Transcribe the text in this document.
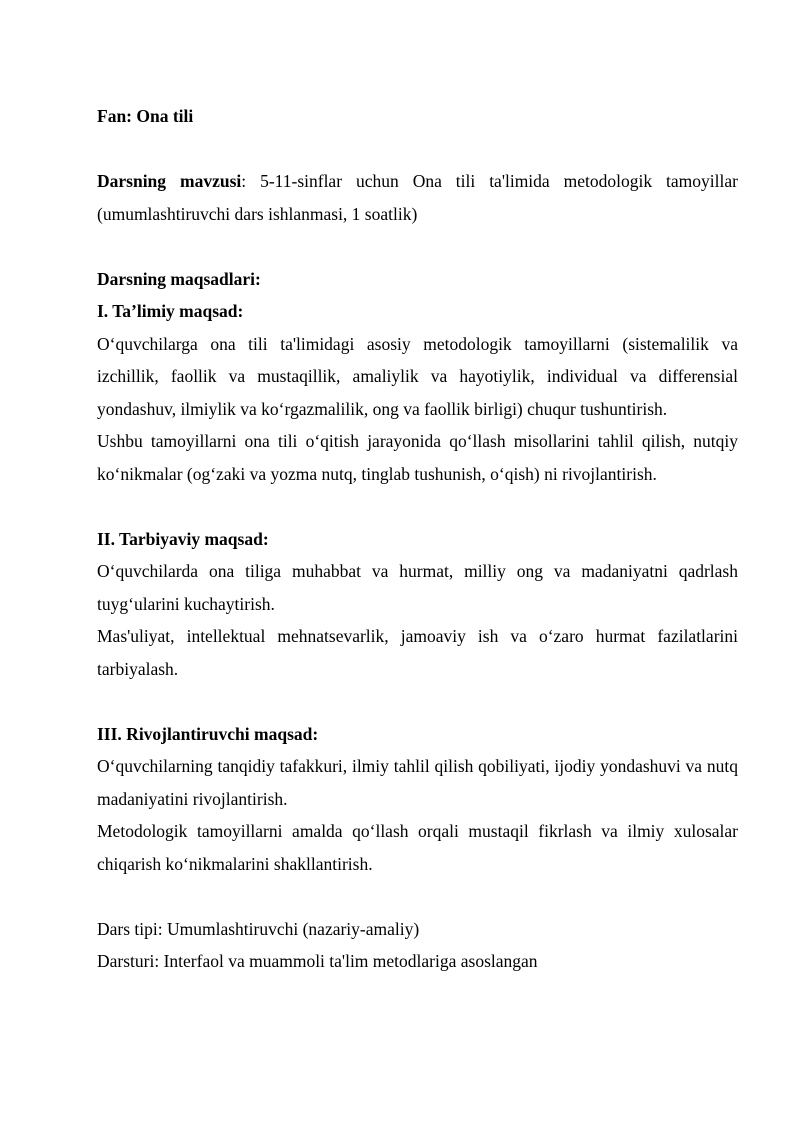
Fan: Ona tili

Darsning mavzusi: 5-11-sinflar uchun Ona tili ta'limida metodologik tamoyillar (umumlashtiruvchi dars ishlanmasi, 1 soatlik)

Darsning maqsadlari:

I. Ta’limiy maqsad:

O‘quvchilarga ona tili ta'limidagi asosiy metodologik tamoyillarni (sistemalilik va izchillik, faollik va mustaqillik, amaliylik va hayotiylik, individual va differensial yondashuv, ilmiylik va ko‘rgazmalilik, ong va faollik birligi) chuqur tushuntirish.

Ushbu tamoyillarni ona tili o‘qitish jarayonida qo‘llash misollarini tahlil qilish, nutqiy ko‘nikmalar (og‘zaki va yozma nutq, tinglab tushunish, o‘qish) ni rivojlantirish.

II. Tarbiyaviy maqsad:

O‘quvchilarda ona tiliga muhabbat va hurmat, milliy ong va madaniyatni qadrlash tuyg‘ularini kuchaytirish.

Mas'uliyat, intellektual mehnatsevarlik, jamoaviy ish va o‘zaro hurmat fazilatlarini tarbiyalash.

III. Rivojlantiruvchi maqsad:

O‘quvchilarning tanqidiy tafakkuri, ilmiy tahlil qilish qobiliyati, ijodiy yondashuvi va nutq madaniyatini rivojlantirish.

Metodologik tamoyillarni amalda qo‘llash orqali mustaqil fikrlash va ilmiy xulosalar chiqarish ko‘nikmalarini shakllantirish.

Dars tipi: Umumlashtiruvchi (nazariy-amaliy)

Darsturi: Interfaol va muammoli ta'lim metodlariga asoslangan
